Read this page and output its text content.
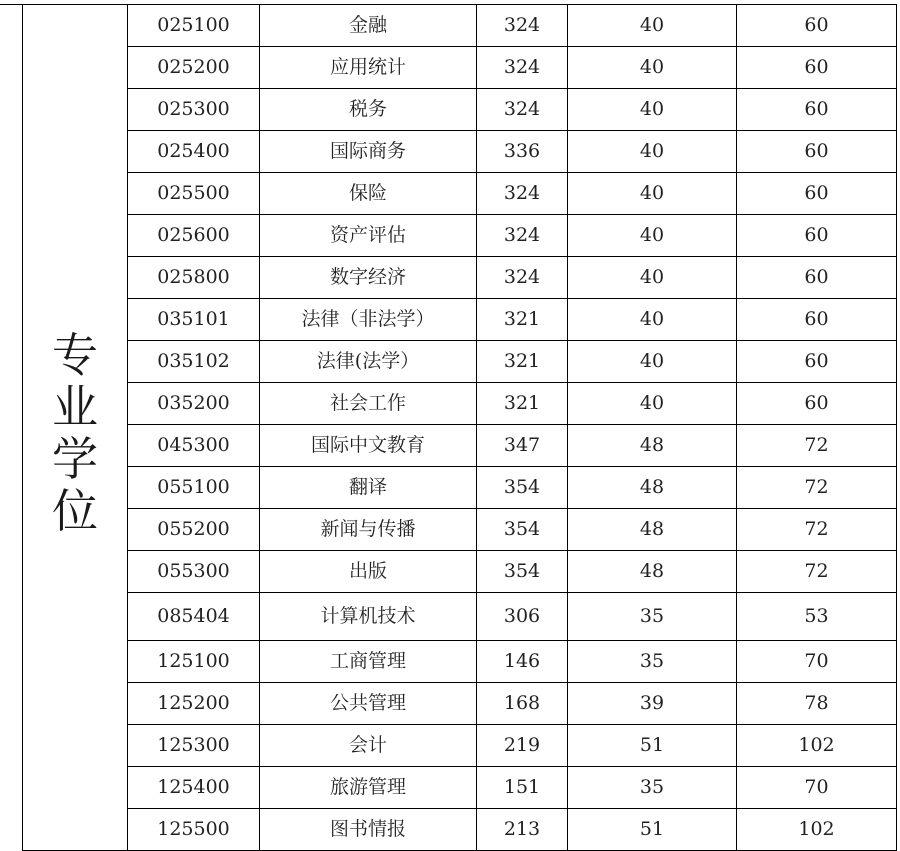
专业学位	025100	金融	324	40	60
	025200	应用统计	324	40	60
	025300	税务	324	40	60
	025400	国际商务	336	40	60
	025500	保险	324	40	60
	025600	资产评估	324	40	60
	025800	数字经济	324	40	60
	035101	法律（非法学）	321	40	60
	035102	法律(法学）	321	40	60
	035200	社会工作	321	40	60
	045300	国际中文教育	347	48	72
	055100	翻译	354	48	72
	055200	新闻与传播	354	48	72
	055300	出版	354	48	72
	085404	计算机技术	306	35	53
	125100	工商管理	146	35	70
	125200	公共管理	168	39	78
	125300	会计	219	51	102
	125400	旅游管理	151	35	70
	125500	图书情报	213	51	102
